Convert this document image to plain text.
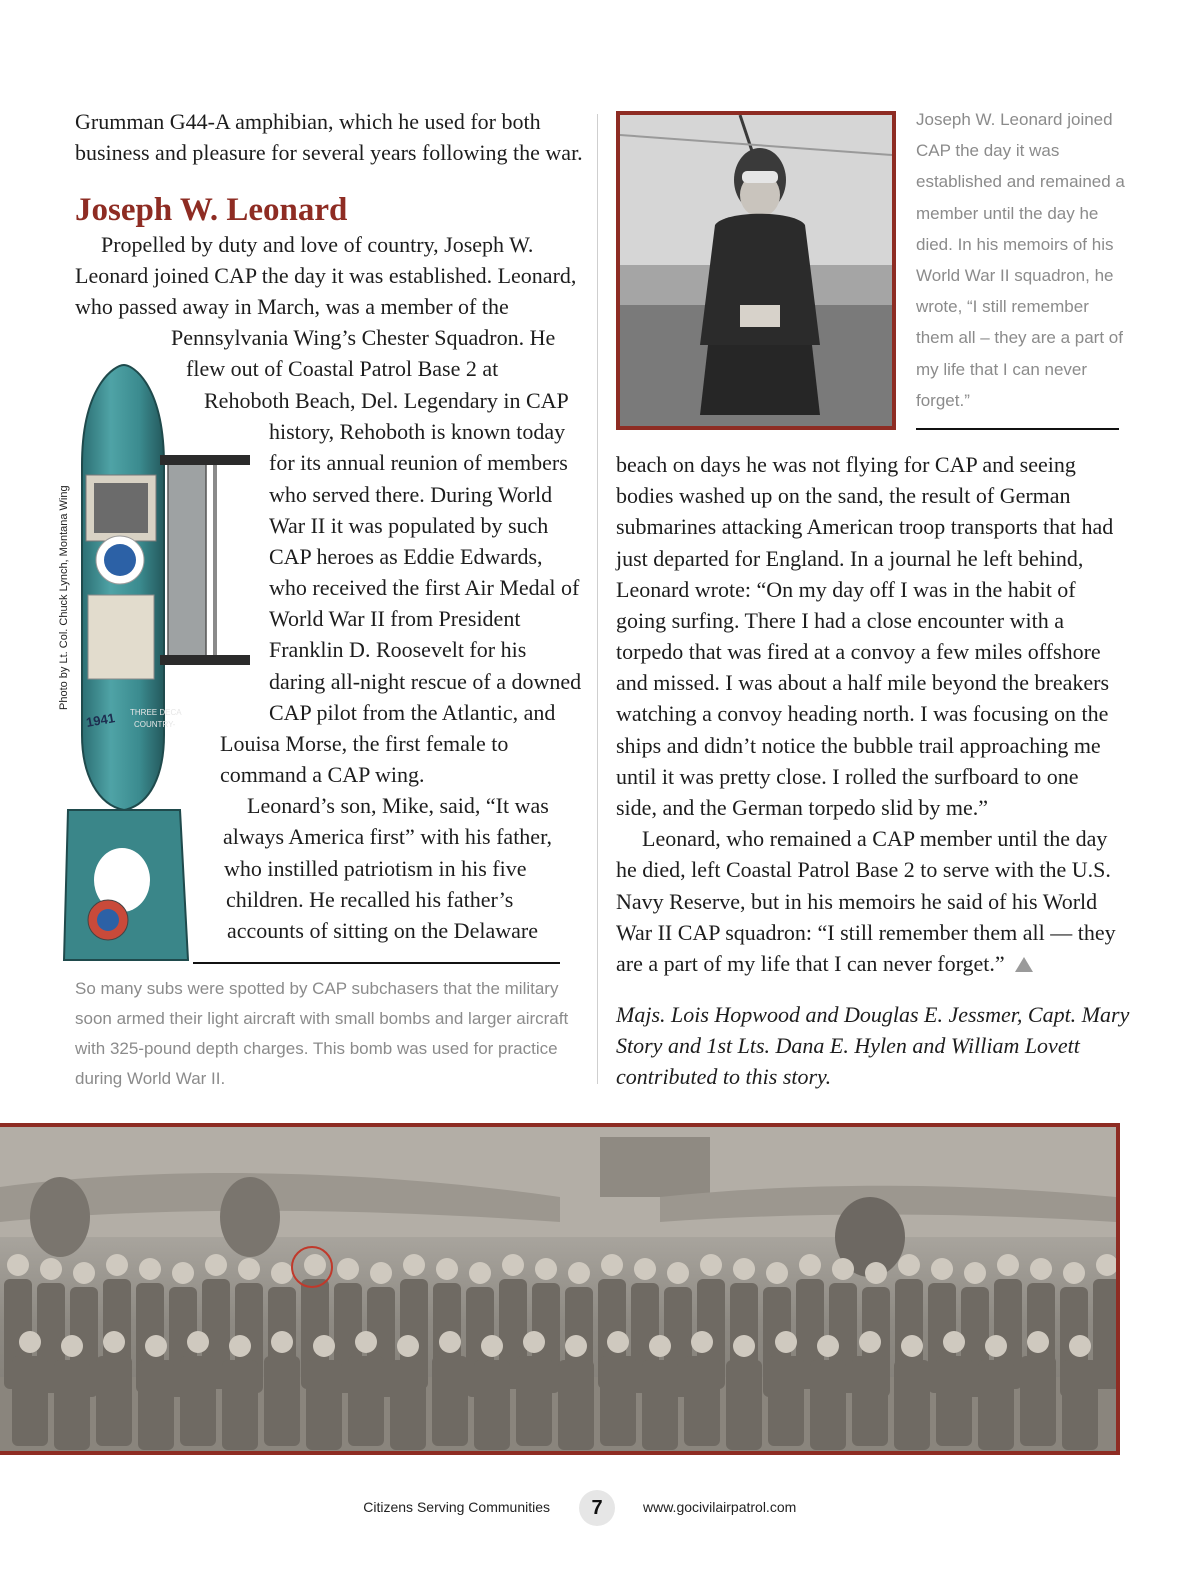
Grumman G44-A amphibian, which he used for both
business and pleasure for several years following the war.
Joseph W. Leonard
Propelled by duty and love of country, Joseph W.
Leonard joined CAP the day it was established. Leonard,
who passed away in March, was a member of the
Pennsylvania Wing’s Chester Squadron. He
flew out of Coastal Patrol Base 2 at
Rehoboth Beach, Del. Legendary in CAP
history, Rehoboth is known today
for its annual reunion of members
who served there. During World
War II it was populated by such
CAP heroes as Eddie Edwards,
who received the first Air Medal of
World War II from President
Franklin D. Roosevelt for his
daring all-night rescue of a downed
CAP pilot from the Atlantic, and
Louisa Morse, the first female to
command a CAP wing.
Leonard’s son, Mike, said, “It was
always America first” with his father,
who instilled patriotism in his five
children. He recalled his father’s
accounts of sitting on the Delaware
1941 THREE DECA
COUNTRY-
Photo by Lt. Col. Chuck Lynch, Montana Wing

So many subs were spotted by CAP subchasers that the military soon armed their light aircraft with small bombs and larger aircraft with 325-pound depth charges. This bomb was used for practice during World War II.

Joseph W. Leonard joined CAP the day it was established and remained a member until the day he died. In his memoirs of his World War II squadron, he wrote, “I still remember them all – they are a part of my life that I can never forget.”

beach on days he was not flying for CAP and seeing
bodies washed up on the sand, the result of German
submarines attacking American troop transports that had
just departed for England. In a journal he left behind,
Leonard wrote: “On my day off I was in the habit of
going surfing. There I had a close encounter with a
torpedo that was fired at a convoy a few miles offshore
and missed. I was about a half mile beyond the breakers
watching a convoy heading north. I was focusing on the
ships and didn’t notice the bubble trail approaching me
until it was pretty close. I rolled the surfboard to one
side, and the German torpedo slid by me.”
Leonard, who remained a CAP member until the day
he died, left Coastal Patrol Base 2 to serve with the U.S.
Navy Reserve, but in his memoirs he said of his World
War II CAP squadron: “I still remember them all — they
are a part of my life that I can never forget.”
Majs. Lois Hopwood and Douglas E. Jessmer, Capt. Mary
Story and 1st Lts. Dana E. Hylen and William Lovett
contributed to this story.
Citizens Serving Communities	7	www.gocivilairpatrol.com
